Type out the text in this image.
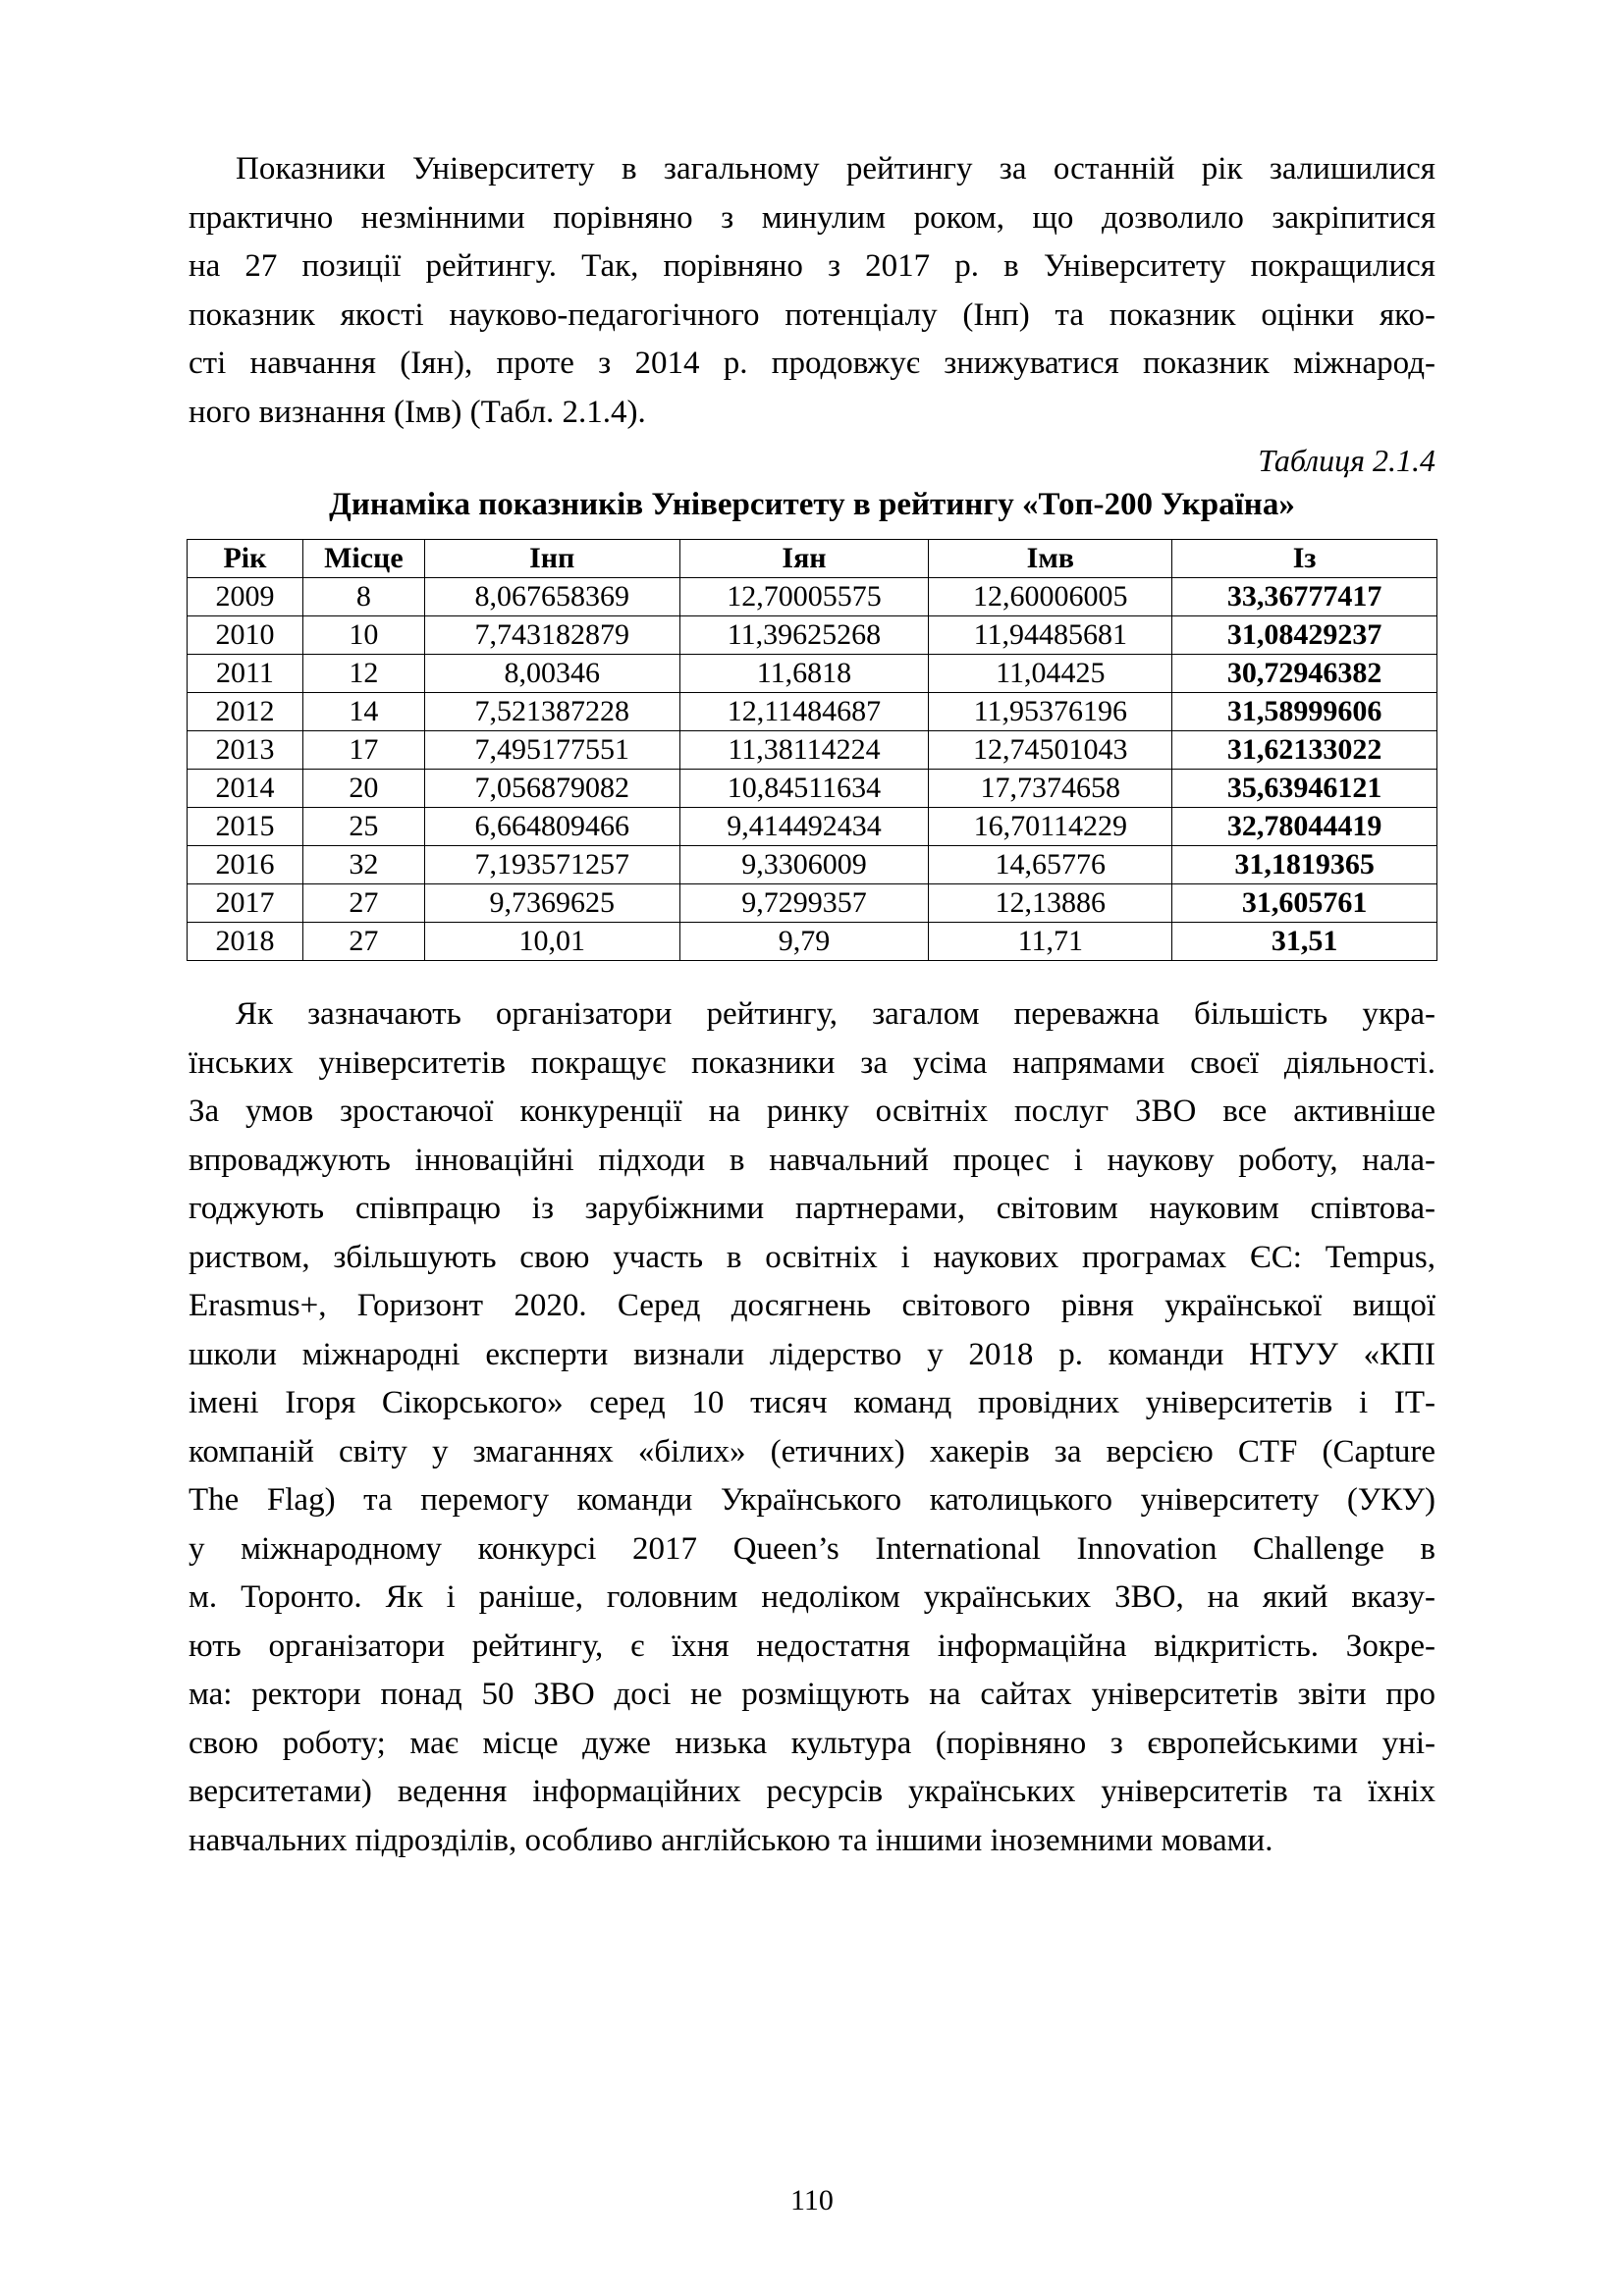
Показники Університету в загальному рейтингу за останній рік залишилися
практично незмінними порівняно з минулим роком, що дозволило закріпитися
на 27 позиції рейтингу. Так, порівняно з 2017 р. в Університету покращилися
показник якості науково-педагогічного потенціалу (Інп) та показник оцінки яко-
сті навчання (Іян), проте з 2014 р. продовжує знижуватися показник міжнарод-
ного визнання (Імв) (Табл. 2.1.4).

Таблиця 2.1.4
Динаміка показників Університету в рейтингу «Топ-200 Україна»
Рік	Місце	Інп	Іян	Імв	Із
2009	8	8,067658369	12,70005575	12,60006005	33,36777417
2010	10	7,743182879	11,39625268	11,94485681	31,08429237
2011	12	8,00346	11,6818	11,04425	30,72946382
2012	14	7,521387228	12,11484687	11,95376196	31,58999606
2013	17	7,495177551	11,38114224	12,74501043	31,62133022
2014	20	7,056879082	10,84511634	17,7374658	35,63946121
2015	25	6,664809466	9,414492434	16,70114229	32,78044419
2016	32	7,193571257	9,3306009	14,65776	31,1819365
2017	27	9,7369625	9,7299357	12,13886	31,605761
2018	27	10,01	9,79	11,71	31,51

Як зазначають організатори рейтингу, загалом переважна більшість укра-
їнських університетів покращує показники за усіма напрямами своєї діяльності.
За умов зростаючої конкуренції на ринку освітніх послуг ЗВО все активніше
впроваджують інноваційні підходи в навчальний процес і наукову роботу, нала-
годжують співпрацю із зарубіжними партнерами, світовим науковим співтова-
риством, збільшують свою участь в освітніх і наукових програмах ЄС: Tempus,
Erasmus+, Горизонт 2020. Серед досягнень світового рівня української вищої
школи міжнародні експерти визнали лідерство у 2018 р. команди НТУУ «КПІ
імені Ігоря Сікорського» серед 10 тисяч команд провідних університетів і ІТ-
компаній світу у змаганнях «білих» (етичних) хакерів за версією CTF (Capture
The Flag) та перемогу команди Українського католицького університету (УКУ)
у міжнародному конкурсі 2017 Queen’s International Innovation Challenge в
м. Торонто. Як і раніше, головним недоліком українських ЗВО, на який вказу-
ють організатори рейтингу, є їхня недостатня інформаційна відкритість. Зокре-
ма: ректори понад 50 ЗВО досі не розміщують на сайтах університетів звіти про
свою роботу; має місце дуже низька культура (порівняно з європейськими уні-
верситетами) ведення інформаційних ресурсів українських університетів та їхніх
навчальних підрозділів, особливо англійською та іншими іноземними мовами.

110
